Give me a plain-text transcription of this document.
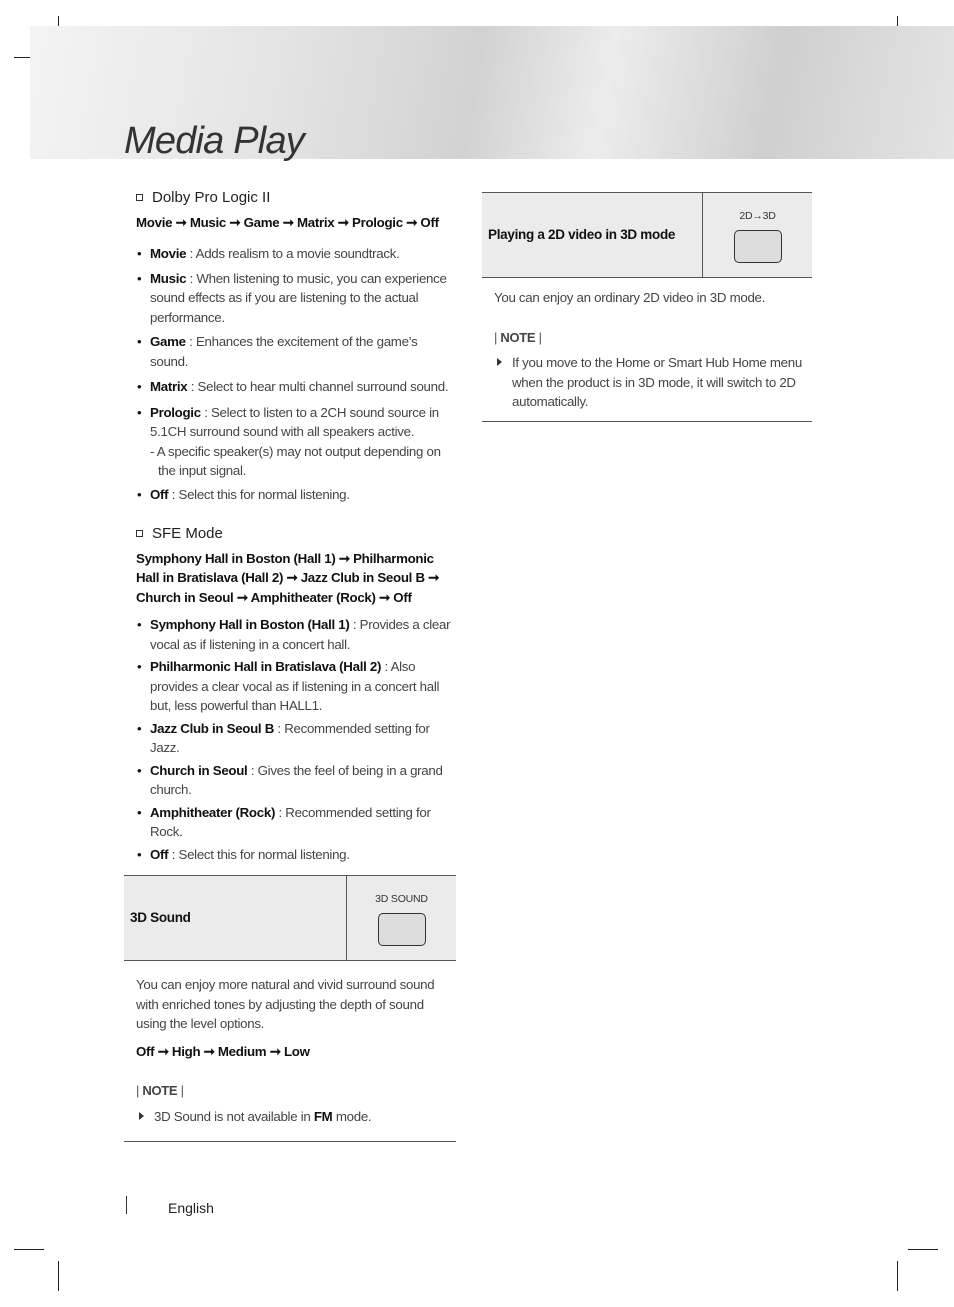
Media Play
Dolby Pro Logic II
Movie ➞ Music ➞ Game ➞ Matrix ➞ Prologic ➞ Off
• Movie : Adds realism to a movie soundtrack.
• Music : When listening to music, you can experience sound effects as if you are listening to the actual performance.
• Game : Enhances the excitement of the game’s sound.
• Matrix : Select to hear multi channel surround sound.
• Prologic : Select to listen to a 2CH sound source in 5.1CH surround sound with all speakers active.
- A specific speaker(s) may not output depending on the input signal.
• Off : Select this for normal listening.
SFE Mode
Symphony Hall in Boston (Hall 1) ➞ Philharmonic Hall in Bratislava (Hall 2) ➞ Jazz Club in Seoul B ➞ Church in Seoul ➞ Amphitheater (Rock) ➞ Off
• Symphony Hall in Boston (Hall 1) : Provides a clear vocal as if listening in a concert hall.
• Philharmonic Hall in Bratislava (Hall 2) : Also provides a clear vocal as if listening in a concert hall but, less powerful than HALL1.
• Jazz Club in Seoul B : Recommended setting for Jazz.
• Church in Seoul : Gives the feel of being in a grand church.
• Amphitheater (Rock) : Recommended setting for Rock.
• Off : Select this for normal listening.
3D Sound
3D SOUND
You can enjoy more natural and vivid surround sound with enriched tones by adjusting the depth of sound using the level options.
Off ➞ High ➞ Medium ➞ Low
| NOTE |
3D Sound is not available in FM mode.
Playing a 2D video in 3D mode
2D→3D
You can enjoy an ordinary 2D video in 3D mode.
| NOTE |
If you move to the Home or Smart Hub Home menu when the product is in 3D mode, it will switch to 2D automatically.
English
